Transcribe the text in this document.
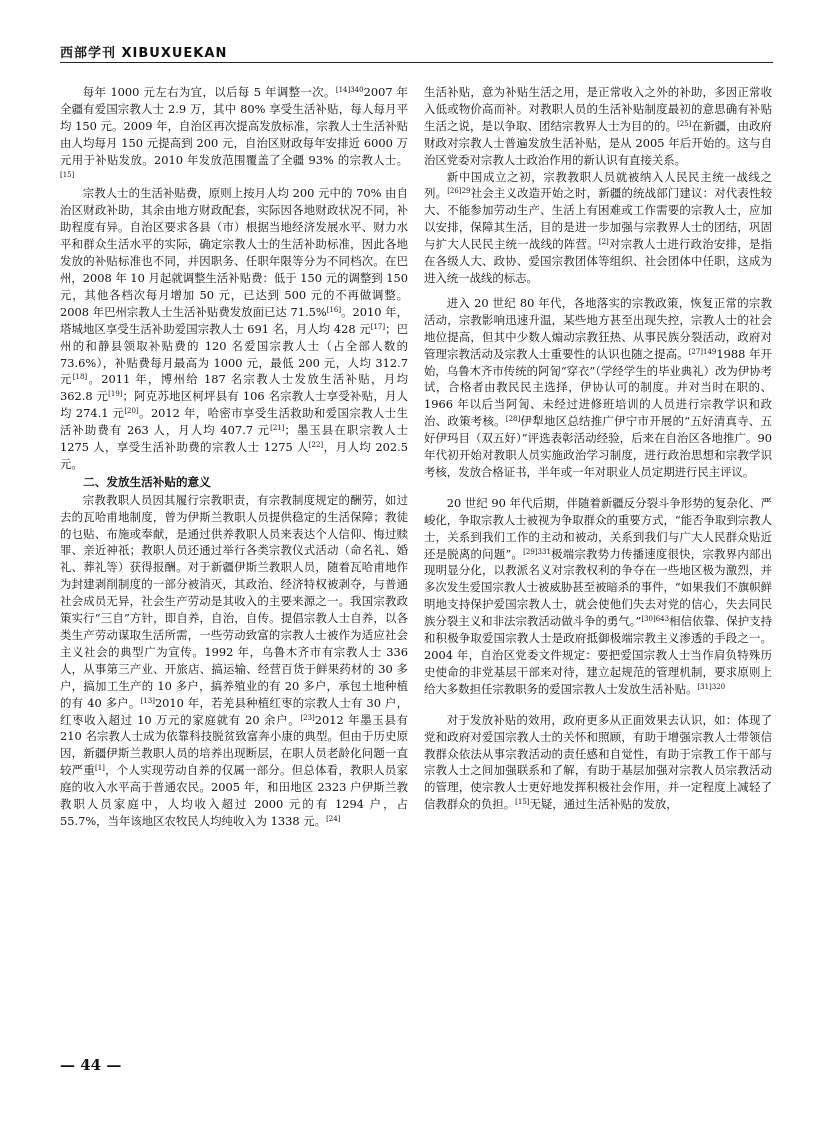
西部学刊 XIBUXUEKAN

每年 1000 元左右为宜，以后每 5 年调整一次。$^{[14]340}$2007 年全疆有爱国宗教人士 2.9 万，其中 80% 享受生活补贴，每人每月平均 150 元。2009 年，自治区再次提高发放标准，宗教人士生活补贴由人均每月 150 元提高到 200 元，自治区财政每年安排近 6000 万元用于补贴发放。2010 年发放范围覆盖了全疆 93% 的宗教人士。[15]

宗教人士的生活补贴费，原则上按月人均 200 元中的 70% 由自治区财政补助，其余由地方财政配套，实际因各地财政状况不同，补助程度有异。自治区要求各县（市）根据当地经济发展水平、财力水平和群众生活水平的实际，确定宗教人士的生活补助标准，因此各地发放的补贴标准也不同，并因职务、任职年限等分为不同档次。在巴州，2008 年 10 月起就调整生活补贴费：低于 150 元的调整到 150 元，其他各档次每月增加 50 元，已达到 500 元的不再做调整。2008 年巴州宗教人士生活补贴费发放面已达 71.5%[16]。2010 年，塔城地区享受生活补助爱国宗教人士 691 名，月人均 428 元[17]；巴州的和静县领取补贴费的 120 名爱国宗教人士（占全部人数的 73.6%），补贴费每月最高为 1000 元，最低 200 元，人均 312.7 元[18]。2011 年，博州给 187 名宗教人士发放生活补贴，月均 362.8 元[19]；阿克苏地区柯坪县有 106 名宗教人士享受补贴，月人均 274.1 元[20]。2012 年，哈密市享受生活救助和爱国宗教人士生活补助费有 263 人，月人均 407.7 元[21]；墨玉县在职宗教人士 1275 人，享受生活补助费的宗教人士 1275 人[22]，月人均 202.5 元。

二、发放生活补贴的意义

宗教教职人员因其履行宗教职责，有宗教制度规定的酬劳，如过去的瓦哈甫地制度，曾为伊斯兰教职人员提供稳定的生活保障；教徒的乜贴、布施或奉献，是通过供养教职人员来表达个人信仰、悔过赎罪、亲近神祇；教职人员还通过举行各类宗教仪式活动（命名礼、婚礼、葬礼等）获得报酬。对于新疆伊斯兰教职人员，随着瓦哈甫地作为封建剥削制度的一部分被消灭，其政治、经济特权被剥夺，与普通社会成员无异，社会生产劳动是其收入的主要来源之一。我国宗教政策实行“三自”方针，即自养，自治，自传。提倡宗教人士自养，以各类生产劳动谋取生活所需，一些劳动致富的宗教人士被作为适应社会主义社会的典型广为宣传。1992 年，乌鲁木齐市有宗教人士 336 人，从事第三产业、开旅店、搞运输、经营百货于鲜果药材的 30 多户，搞加工生产的 10 多户，搞养殖业的有 20 多户，承包土地种植的有 40 多户。[13]2010 年，若羌县种植红枣的宗教人士有 30 户，红枣收入超过 10 万元的家庭就有 20 余户。[23]2012 年墨玉县有 210 名宗教人士成为依靠科技脱贫致富奔小康的典型。但由于历史原因，新疆伊斯兰教职人员的培养出现断层，在职人员老龄化问题一直较严重[1]，个人实现劳动自养的仅属一部分。但总体看，教职人员家庭的收入水平高于普通农民。2005 年，和田地区 2323 户伊斯兰教教职人员家庭中，人均收入超过 2000 元的有 1294 户，占 55.7%，当年该地区农牧民人均纯收入为 1338 元。[24]

生活补贴，意为补贴生活之用，是正常收入之外的补助，多因正常收入低或物价高而补。对教职人员的生活补贴制度最初的意思确有补贴生活之说，是以争取、团结宗教界人士为目的的。[25]在新疆，由政府财政对宗教人士普遍发放生活补贴，是从 2005 年后开始的。这与自治区党委对宗教人士政治作用的新认识有直接关系。

新中国成立之初，宗教教职人员就被纳入人民民主统一战线之列。$^{[26]29}$社会主义改造开始之时，新疆的统战部门建议：对代表性较大、不能参加劳动生产、生活上有困难或工作需要的宗教人士，应加以安排，保障其生活，目的是进一步加强与宗教界人士的团结，巩固与扩大人民民主统一战线的阵营。[2]对宗教人士进行政治安排，是指在各级人大、政协、爱国宗教团体等组织、社会团体中任职，这成为进入统一战线的标志。

进入 20 世纪 80 年代，各地落实的宗教政策，恢复正常的宗教活动，宗教影响迅速升温，某些地方甚至出现失控，宗教人士的社会地位提高，但其中少数人煽动宗教狂热、从事民族分裂活动，政府对管理宗教活动及宗教人士重要性的认识也随之提高。$^{[27]149}$1988 年开始，乌鲁木齐市传统的阿訇“穿衣”（学经学生的毕业典礼）改为伊协考试，合格者由教民民主选择，伊协认可的制度。并对当时在职的、1966 年以后当阿訇、未经过进修班培训的人员进行宗教学识和政治、政策考核。[28]伊犁地区总结推广伊宁市开展的“五好清真寺、五好伊玛目（双五好）”评选表彰活动经验，后来在自治区各地推广。90 年代初开始对教职人员实施政治学习制度，进行政治思想和宗教学识考核，发放合格证书，半年或一年对职业人员定期进行民主评议。

20 世纪 90 年代后期，伴随着新疆反分裂斗争形势的复杂化、严峻化，争取宗教人士被视为争取群众的重要方式，“能否争取到宗教人士，关系到我们工作的主动和被动，关系到我们与广大人民群众贴近还是脱离的问题”。$^{[29]331}$极端宗教势力传播速度很快，宗教界内部出现明显分化，以教派名义对宗教权利的争夺在一些地区极为激烈，并多次发生爱国宗教人士被威胁甚至被暗杀的事件，“如果我们不旗帜鲜明地支持保护爱国宗教人士，就会使他们失去对党的信心，失去同民族分裂主义和非法宗教活动做斗争的勇气。”$^{[30]643}$相信依靠、保护支持和积极争取爱国宗教人士是政府抵御极端宗教主义渗透的手段之一。2004 年，自治区党委文件规定：要把爱国宗教人士当作肩负特殊历史使命的非党基层干部来对待，建立起规范的管理机制，要求原则上给大多数担任宗教职务的爱国宗教人士发放生活补贴。$^{[31]320}$

对于发放补贴的效用，政府更多从正面效果去认识，如：体现了党和政府对爱国宗教人士的关怀和照顾，有助于增强宗教人士带领信教群众依法从事宗教活动的责任感和自觉性，有助于宗教工作干部与宗教人士之间加强联系和了解，有助于基层加强对宗教人员宗教活动的管理，使宗教人士更好地发挥积极社会作用，并一定程度上减轻了信教群众的负担。[15]无疑，通过生活补贴的发放，

— 44 —
